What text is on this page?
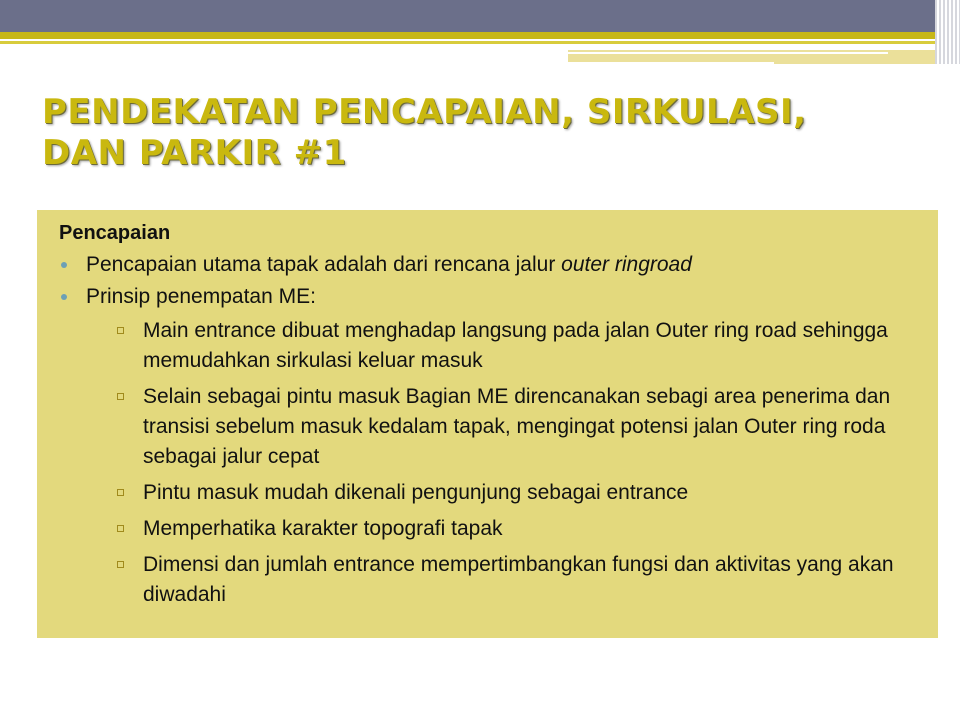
PENDEKATAN PENCAPAIAN, SIRKULASI,
DAN PARKIR #1
Pencapaian
Pencapaian utama tapak adalah dari rencana jalur outer ringroad
Prinsip penempatan ME:
Main entrance dibuat menghadap langsung pada jalan Outer ring road sehingga memudahkan sirkulasi keluar masuk
Selain sebagai pintu masuk Bagian ME direncanakan sebagi area penerima dan transisi sebelum masuk kedalam tapak, mengingat potensi jalan Outer ring roda sebagai jalur cepat
Pintu masuk mudah dikenali pengunjung sebagai entrance
Memperhatika karakter topografi tapak
Dimensi dan jumlah entrance mempertimbangkan fungsi dan aktivitas yang akan diwadahi
